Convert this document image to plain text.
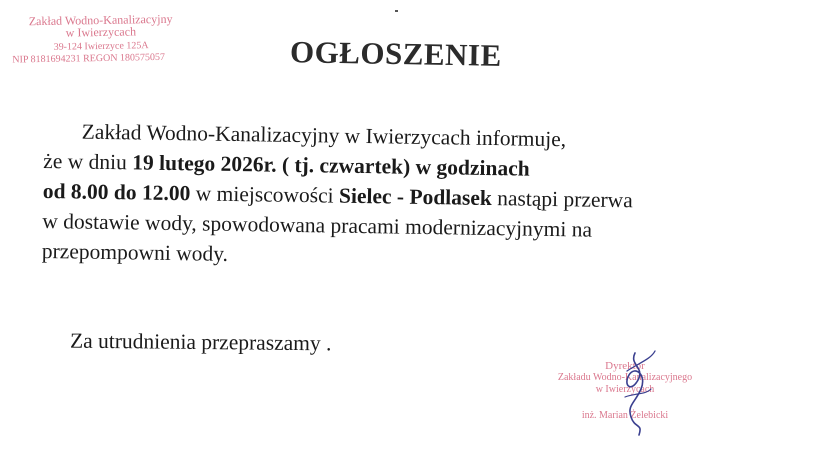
Zakład Wodno-Kanalizacyjny
w Iwierzycach
39-124 Iwierzyce 125A
NIP 8181694231 REGON 180575057	OGŁOSZENIE
Zakład Wodno-Kanalizacyjny w Iwierzycach informuje,
że w dniu 19 lutego 2026r. ( tj. czwartek) w godzinach
od 8.00 do 12.00 w miejscowości Sielec - Podlasek nastąpi przerwa
w dostawie wody, spowodowana pracami modernizacyjnymi na
przepompowni wody.
Za utrudnienia przepraszamy .
Dyrektor
Zakładu Wodno-Kanalizacyjnego
w Iwierzycach
inż. Marian Żelebicki
